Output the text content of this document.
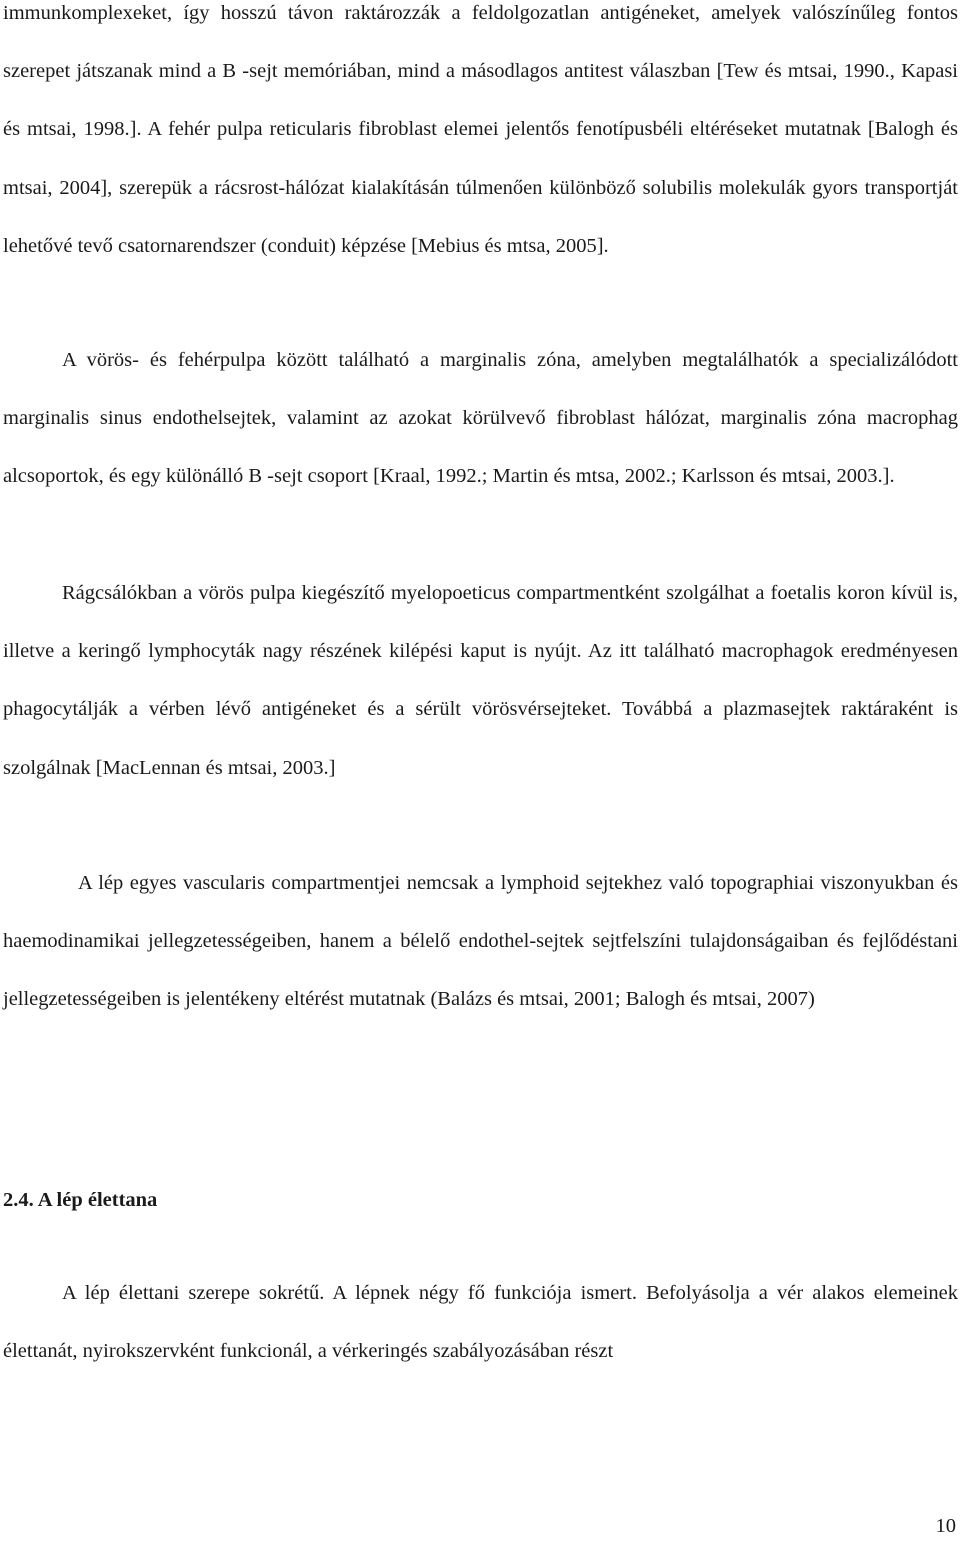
immunkomplexeket, így hosszú távon raktározzák a feldolgozatlan antigéneket, amelyek valószínűleg fontos szerepet játszanak mind a B -sejt memóriában, mind a másodlagos antitest válaszban [Tew és mtsai, 1990., Kapasi és mtsai, 1998.]. A fehér pulpa reticularis fibroblast elemei jelentős fenotípusbéli eltéréseket mutatnak [Balogh és mtsai, 2004], szerepük a rácsrost-hálózat kialakításán túlmenően különböző solubilis molekulák gyors transportját lehetővé tevő csatornarendszer (conduit) képzése [Mebius és mtsa, 2005].

A vörös- és fehérpulpa között található a marginalis zóna, amelyben megtalálhatók a specializálódott marginalis sinus endothelsejtek, valamint az azokat körülvevő fibroblast hálózat, marginalis zóna macrophag alcsoportok, és egy különálló B -sejt csoport [Kraal, 1992.; Martin és mtsa, 2002.; Karlsson és mtsai, 2003.].

Rágcsálókban a vörös pulpa kiegészítő myelopoeticus compartmentként szolgálhat a foetalis koron kívül is, illetve a keringő lymphocyták nagy részének kilépési kaput is nyújt. Az itt található macrophagok eredményesen phagocytálják a vérben lévő antigéneket és a sérült vörösvérsejteket. Továbbá a plazmasejtek raktáraként is szolgálnak [MacLennan és mtsai, 2003.]

A lép egyes vascularis compartmentjei nemcsak a lymphoid sejtekhez való topographiai viszonyukban és haemodinamikai jellegzetességeiben, hanem a bélelő endothel-sejtek sejtfelszíni tulajdonságaiban és fejlődéstani jellegzetességeiben is jelentékeny eltérést mutatnak (Balázs és mtsai, 2001; Balogh és mtsai, 2007)

2.4. A lép élettana

A lép élettani szerepe sokrétű. A lépnek négy fő funkciója ismert. Befolyásolja a vér alakos elemeinek élettanát, nyirokszervként funkcionál, a vérkeringés szabályozásában részt

10
